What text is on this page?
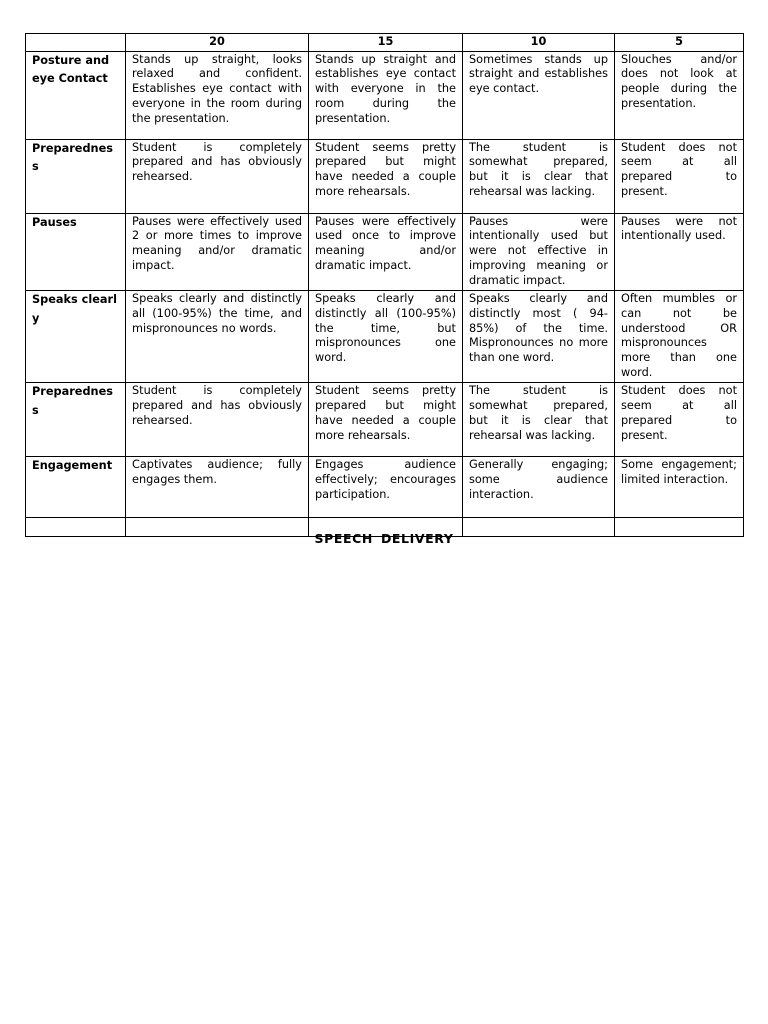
	20	15	10	5
Posture and eye Contact	Stands up straight, looks relaxed and confident. Establishes eye contact with everyone in the room during the presentation.	Stands up straight and establishes eye contact with everyone in the room during the presentation.	Sometimes stands up straight and establishes eye contact.	Slouches and/or does not look at people during the presentation.
Preparedness	Student is completely prepared and has obviously rehearsed.	Student seems pretty prepared but might have needed a couple more rehearsals.	The student is somewhat prepared, but it is clear that rehearsal was lacking.	Student does not seem at all prepared to present.
Pauses	Pauses were effectively used 2 or more times to improve meaning and/or dramatic impact.	Pauses were effectively used once to improve meaning and/or dramatic impact.	Pauses were intentionally used but were not effective in improving meaning or dramatic impact.	Pauses were not intentionally used.
Speaks clearly	Speaks clearly and distinctly all (100-95%) the time, and mispronounces no words.	Speaks clearly and distinctly all (100-95%) the time, but mispronounces one word.	Speaks clearly and distinctly most ( 94-85%) of the time. Mispronounces no more than one word.	Often mumbles or can not be understood OR mispronounces more than one word.
Preparedness	Student is completely prepared and has obviously rehearsed.	Student seems pretty prepared but might have needed a couple more rehearsals.	The student is somewhat prepared, but it is clear that rehearsal was lacking.	Student does not seem at all prepared to present.
Engagement	Captivates audience; fully engages them.	Engages audience effectively; encourages participation.	Generally engaging; some audience interaction.	Some engagement; limited interaction.

SPEECH DELIVERY
